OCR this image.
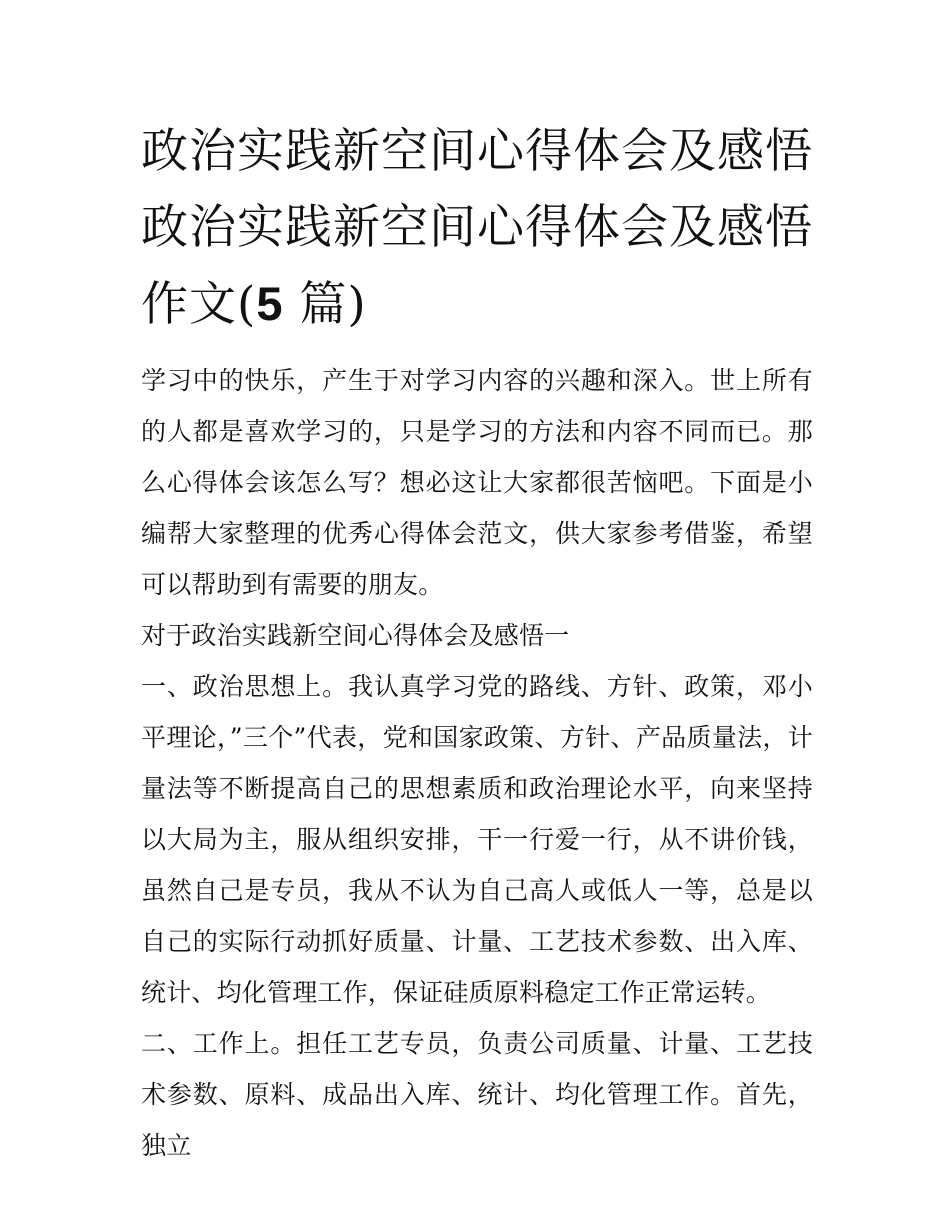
政治实践新空间心得体会及感悟 政治实践新空间心得体会及感悟作文(5 篇)

学习中的快乐，产生于对学习内容的兴趣和深入。世上所有的人都是喜欢学习的，只是学习的方法和内容不同而已。那么心得体会该怎么写？想必这让大家都很苦恼吧。下面是小编帮大家整理的优秀心得体会范文，供大家参考借鉴，希望可以帮助到有需要的朋友。

对于政治实践新空间心得体会及感悟一

一、政治思想上。我认真学习党的路线、方针、政策，邓小平理论，”三个”代表，党和国家政策、方针、产品质量法，计量法等不断提高自己的思想素质和政治理论水平，向来坚持以大局为主，服从组织安排，干一行爱一行，从不讲价钱，虽然自己是专员，我从不认为自己高人或低人一等，总是以自己的实际行动抓好质量、计量、工艺技术参数、出入库、统计、均化管理工作，保证硅质原料稳定工作正常运转。

二、工作上。担任工艺专员，负责公司质量、计量、工艺技术参数、原料、成品出入库、统计、均化管理工作。首先，独立
